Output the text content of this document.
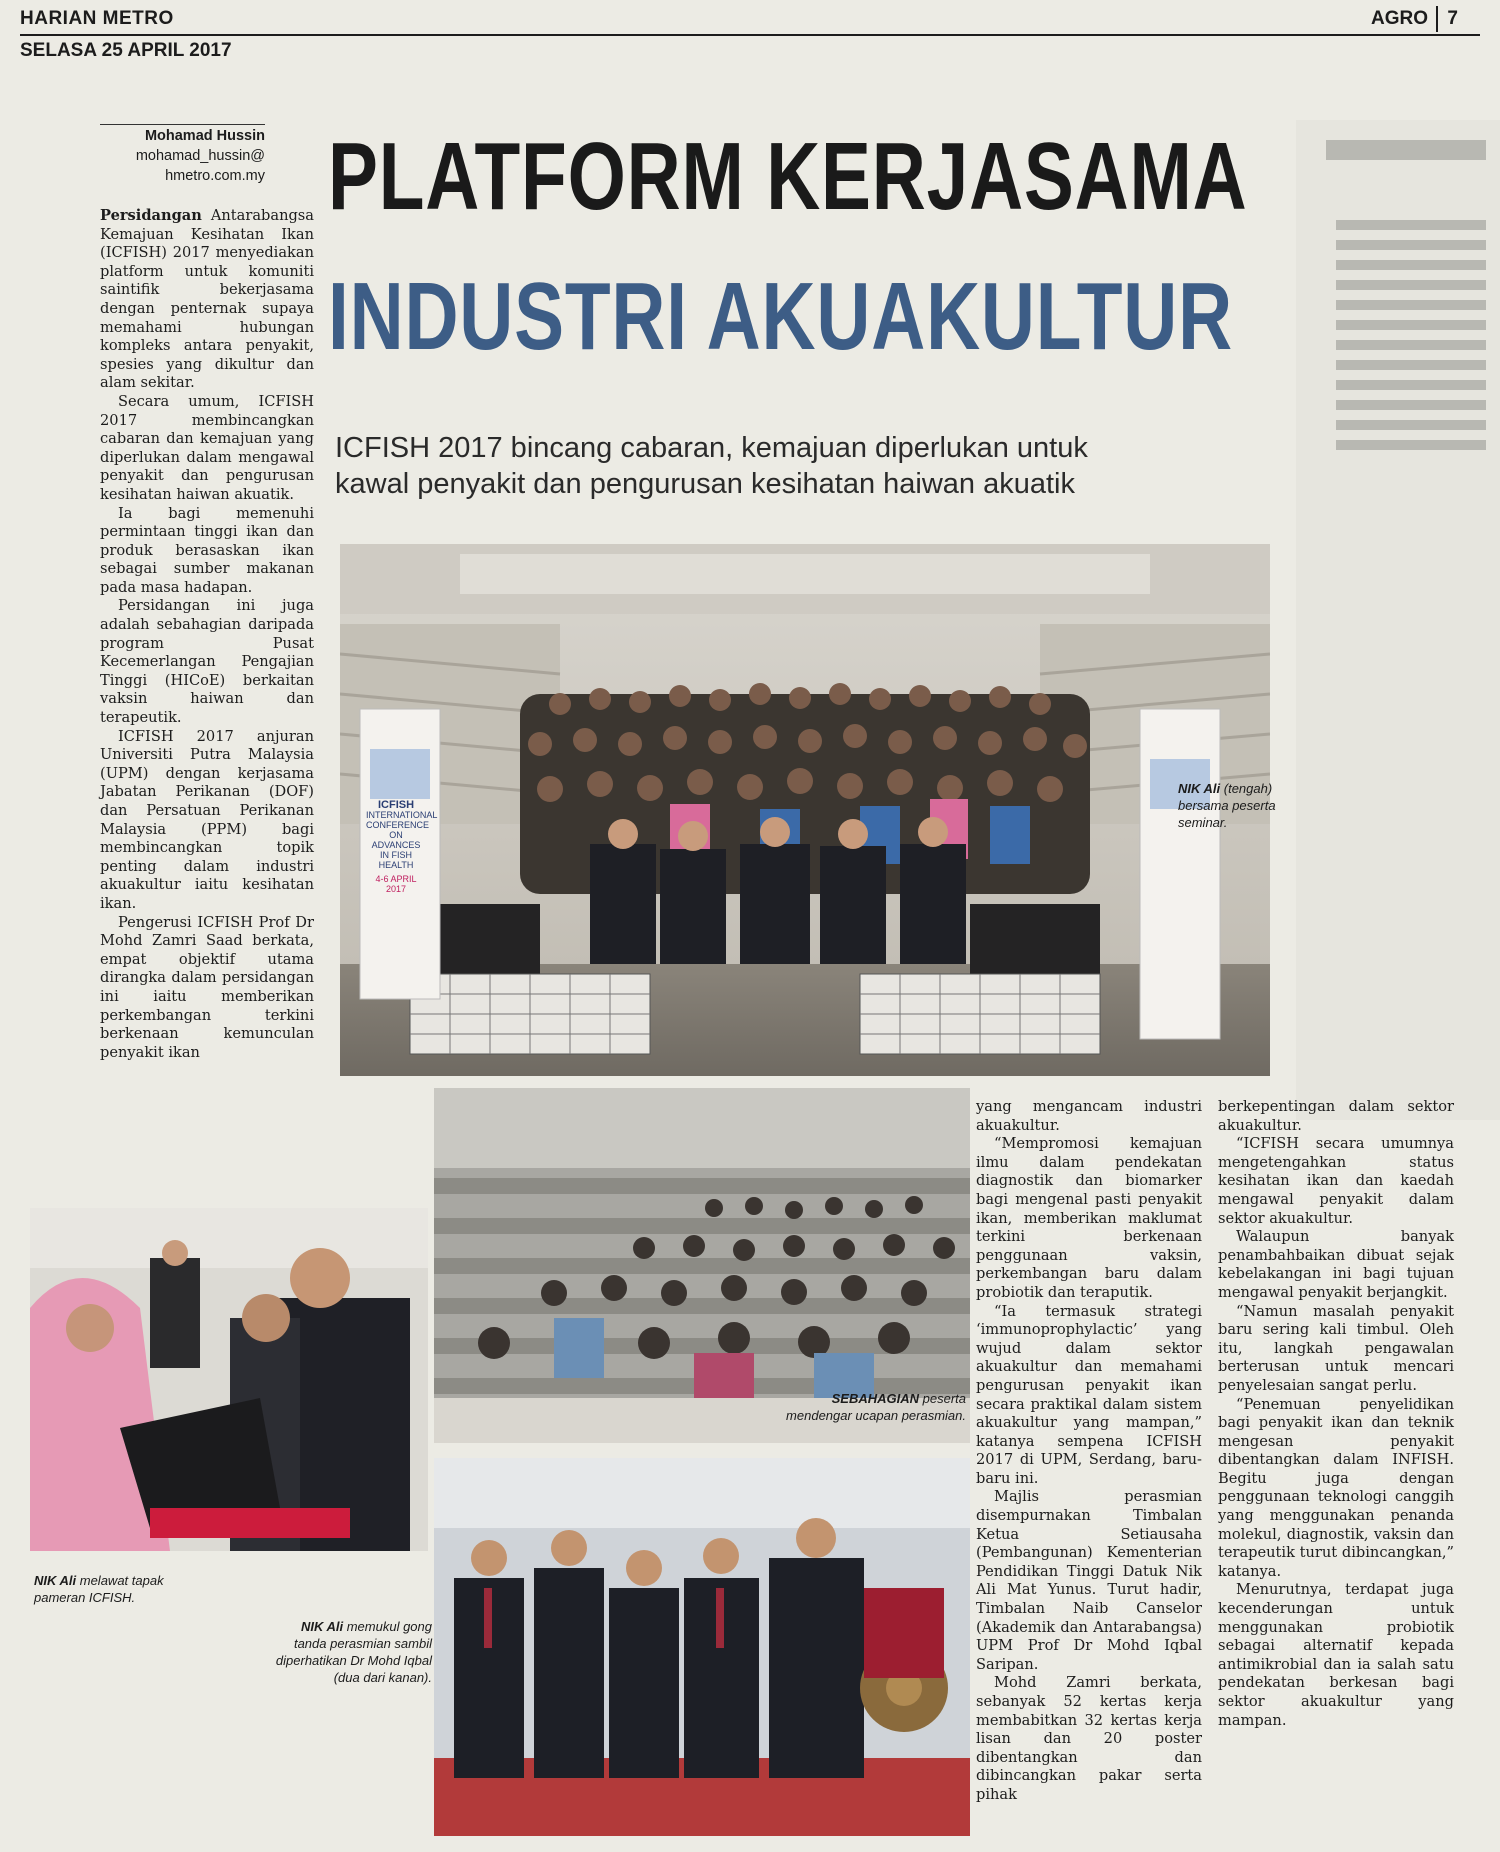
HARIAN METRO
SELASA 25 APRIL 2017
AGRO 7
Mohamad Hussin
mohamad_hussin@
hmetro.com.my PLATFORM KERJASAMA
INDUSTRI AKUAKULTUR
ICFISH 2017 bincang cabaran, kemajuan diperlukan untuk
kawal penyakit dan pengurusan kesihatan haiwan akuatik

Persidangan Antarabangsa Kemajuan Kesihatan Ikan (ICFISH) 2017 menyediakan platform untuk komuniti saintifik bekerjasama dengan penternak supaya memahami hubungan kompleks antara penyakit, spesies yang dikultur dan alam sekitar.

Secara umum, ICFISH 2017 membincangkan cabaran dan kemajuan yang diperlukan dalam mengawal penyakit dan pengurusan kesihatan haiwan akuatik.

Ia bagi memenuhi permintaan tinggi ikan dan produk berasaskan ikan sebagai sumber makanan pada masa hadapan.

Persidangan ini juga adalah sebahagian daripada program Pusat Kecemerlangan Pengajian Tinggi (HICoE) berkaitan vaksin haiwan dan terapeutik.

ICFISH 2017 anjuran Universiti Putra Malaysia (UPM) dengan kerjasama Jabatan Perikanan (DOF) dan Persatuan Perikanan Malaysia (PPM) bagi membincangkan topik penting dalam industri akuakultur iaitu kesihatan ikan.

Pengerusi ICFISH Prof Dr Mohd Zamri Saad berkata, empat objektif utama dirangka dalam persidangan ini iaitu memberikan perkembangan terkini berkenaan kemunculan penyakit ikan

ICFISH
INTERNATIONAL
CONFERENCE
ON ADVANCES
IN FISH HEALTH
4-6 APRIL 2017
NIK Ali (tengah)
bersama peserta
seminar.
SEBAHAGIAN peserta
mendengar ucapan perasmian.
NIK Ali melawat tapak
pameran ICFISH.
NIK Ali memukul gong
tanda perasmian sambil
diperhatikan Dr Mohd Iqbal
(dua dari kanan).

yang mengancam industri akuakultur.

“Mempromosi kemajuan ilmu dalam pendekatan diagnostik dan biomarker bagi mengenal pasti penyakit ikan, memberikan maklumat terkini berkenaan penggunaan vaksin, perkembangan baru dalam probiotik dan teraputik.

“Ia termasuk strategi ‘immunoprophylactic’ yang wujud dalam sektor akuakultur dan memahami pengurusan penyakit ikan secara praktikal dalam sistem akuakultur yang mampan,” katanya sempena ICFISH 2017 di UPM, Serdang, baru-baru ini.

Majlis perasmian disempurnakan Timbalan Ketua Setiausaha (Pembangunan) Kementerian Pendidikan Tinggi Datuk Nik Ali Mat Yunus. Turut hadir, Timbalan Naib Canselor (Akademik dan Antarabangsa) UPM Prof Dr Mohd Iqbal Saripan.

Mohd Zamri berkata, sebanyak 52 kertas kerja membabitkan 32 kertas kerja lisan dan 20 poster dibentangkan dan dibincangkan pakar serta pihak

berkepentingan dalam sektor akuakultur.

“ICFISH secara umumnya mengetengahkan status kesihatan ikan dan kaedah mengawal penyakit dalam sektor akuakultur.

Walaupun banyak penambahbaikan dibuat sejak kebelakangan ini bagi tujuan mengawal penyakit berjangkit.

“Namun masalah penyakit baru sering kali timbul. Oleh itu, langkah pengawalan berterusan untuk mencari penyelesaian sangat perlu.

“Penemuan penyelidikan bagi penyakit ikan dan teknik mengesan penyakit dibentangkan dalam INFISH. Begitu juga dengan penggunaan teknologi canggih yang menggunakan penanda molekul, diagnostik, vaksin dan terapeutik turut dibincangkan,” katanya.

Menurutnya, terdapat juga kecenderungan untuk menggunakan probiotik sebagai alternatif kepada antimikrobial dan ia salah satu pendekatan berkesan bagi sektor akuakultur yang mampan.
